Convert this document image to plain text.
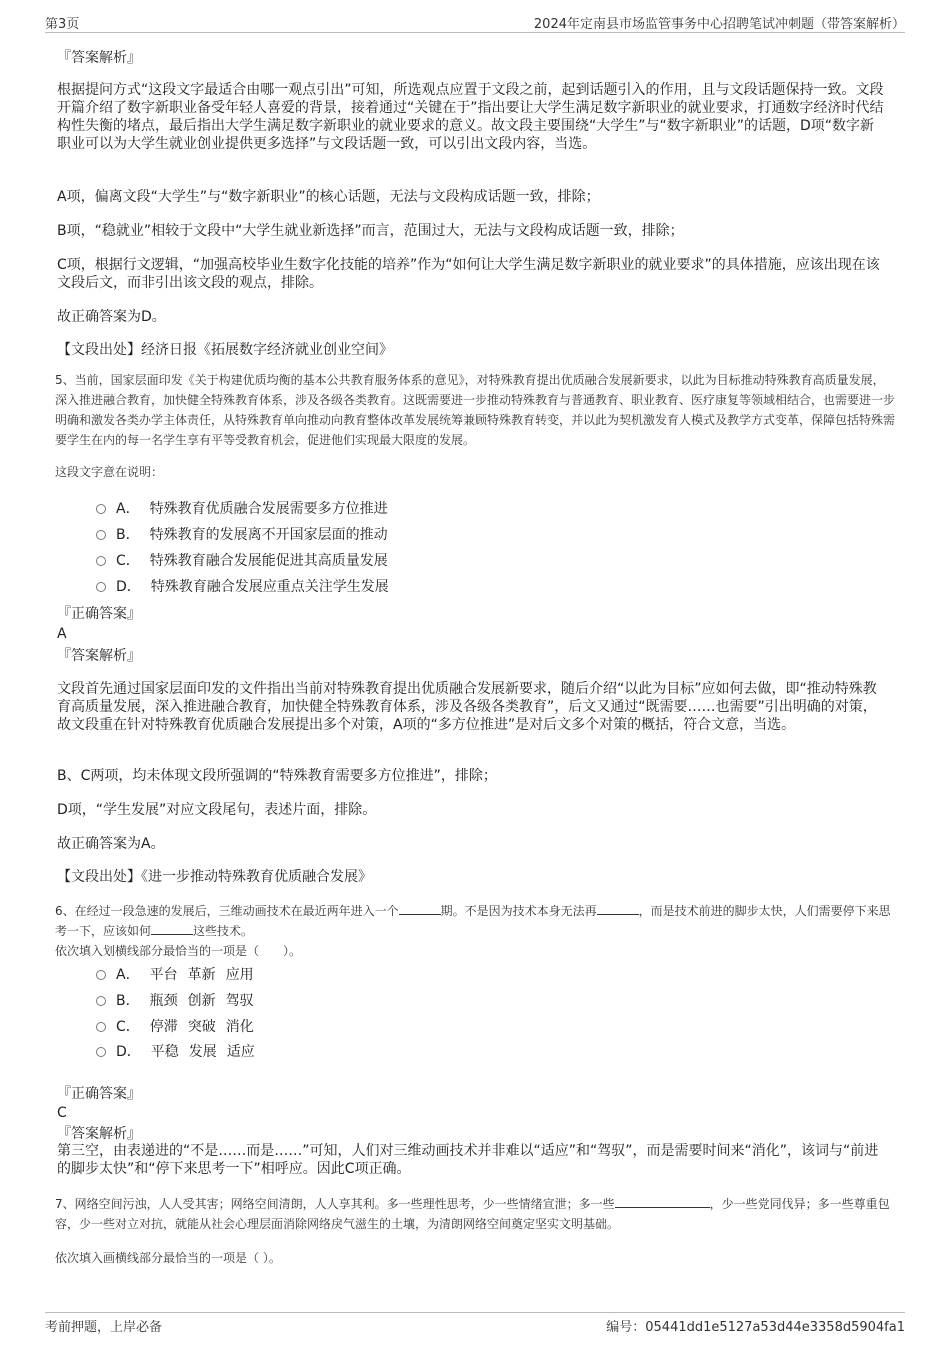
第3页	2024年定南县市场监管事务中心招聘笔试冲刺题（带答案解析）
『答案解析』
根据提问方式“这段文字最适合由哪一观点引出”可知，所选观点应置于文段之前，起到话题引入的作用，且与文段话题保持一致。文段开篇介绍了数字新职业备受年轻人喜爱的背景，接着通过“关键在于”指出要让大学生满足数字新职业的就业要求，打通数字经济时代结构性失衡的堵点，最后指出大学生满足数字新职业的就业要求的意义。故文段主要围绕“大学生”与“数字新职业”的话题，D项“数字新职业可以为大学生就业创业提供更多选择”与文段话题一致，可以引出文段内容，当选。
A项，偏离文段“大学生”与“数字新职业”的核心话题，无法与文段构成话题一致，排除；
B项，“稳就业”相较于文段中“大学生就业新选择”而言，范围过大，无法与文段构成话题一致，排除；
C项，根据行文逻辑，“加强高校毕业生数字化技能的培养”作为“如何让大学生满足数字新职业的就业要求”的具体措施，应该出现在该文段后文，而非引出该文段的观点，排除。
故正确答案为D。
【文段出处】经济日报《拓展数字经济就业创业空间》
5、当前，国家层面印发《关于构建优质均衡的基本公共教育服务体系的意见》，对特殊教育提出优质融合发展新要求，以此为目标推动特殊教育高质量发展，深入推进融合教育，加快健全特殊教育体系，涉及各级各类教育。这既需要进一步推动特殊教育与普通教育、职业教育、医疗康复等领域相结合，也需要进一步明确和激发各类办学主体责任，从特殊教育单向推动向教育整体改革发展统筹兼顾特殊教育转变，并以此为契机激发育人模式及教学方式变革，保障包括特殊需要学生在内的每一名学生享有平等受教育机会，促进他们实现最大限度的发展。
这段文字意在说明：
A． 特殊教育优质融合发展需要多方位推进
B． 特殊教育的发展离不开国家层面的推动
C． 特殊教育融合发展能促进其高质量发展
D． 特殊教育融合发展应重点关注学生发展
『正确答案』
A
『答案解析』
文段首先通过国家层面印发的文件指出当前对特殊教育提出优质融合发展新要求，随后介绍“以此为目标”应如何去做，即“推动特殊教育高质量发展，深入推进融合教育，加快健全特殊教育体系，涉及各级各类教育”，后文又通过“既需要……也需要”引出明确的对策，故文段重在针对特殊教育优质融合发展提出多个对策，A项的“多方位推进”是对后文多个对策的概括，符合文意，当选。
B、C两项，均未体现文段所强调的“特殊教育需要多方位推进”，排除；
D项，“学生发展”对应文段尾句，表述片面，排除。
故正确答案为A。
【文段出处】《进一步推动特殊教育优质融合发展》
6、在经过一段急速的发展后，三维动画技术在最近两年进入一个	期。不是因为技术本身无法再	，而是技术前进的脚步太快，人们需要停下来思考一下，应该如何	这些技术。
依次填入划横线部分最恰当的一项是（　　）。
A． 平台 革新 应用
B． 瓶颈 创新 驾驭
C． 停滞 突破 消化
D． 平稳 发展 适应
『正确答案』
C
『答案解析』
第三空，由表递进的“不是……而是……”可知，人们对三维动画技术并非难以“适应”和“驾驭”，而是需要时间来“消化”，该词与“前进的脚步太快”和“停下来思考一下”相呼应。因此C项正确。
7、网络空间污浊，人人受其害；网络空间清朗，人人享其利。多一些理性思考，少一些情绪宣泄；多一些	，少一些党同伐异；多一些尊重包容，少一些对立对抗，就能从社会心理层面消除网络戾气滋生的土壤，为清朗网络空间奠定坚实文明基础。
依次填入画横线部分最恰当的一项是（ ）。
考前押题，上岸必备	编号：05441dd1e5127a53d44e3358d5904fa1
